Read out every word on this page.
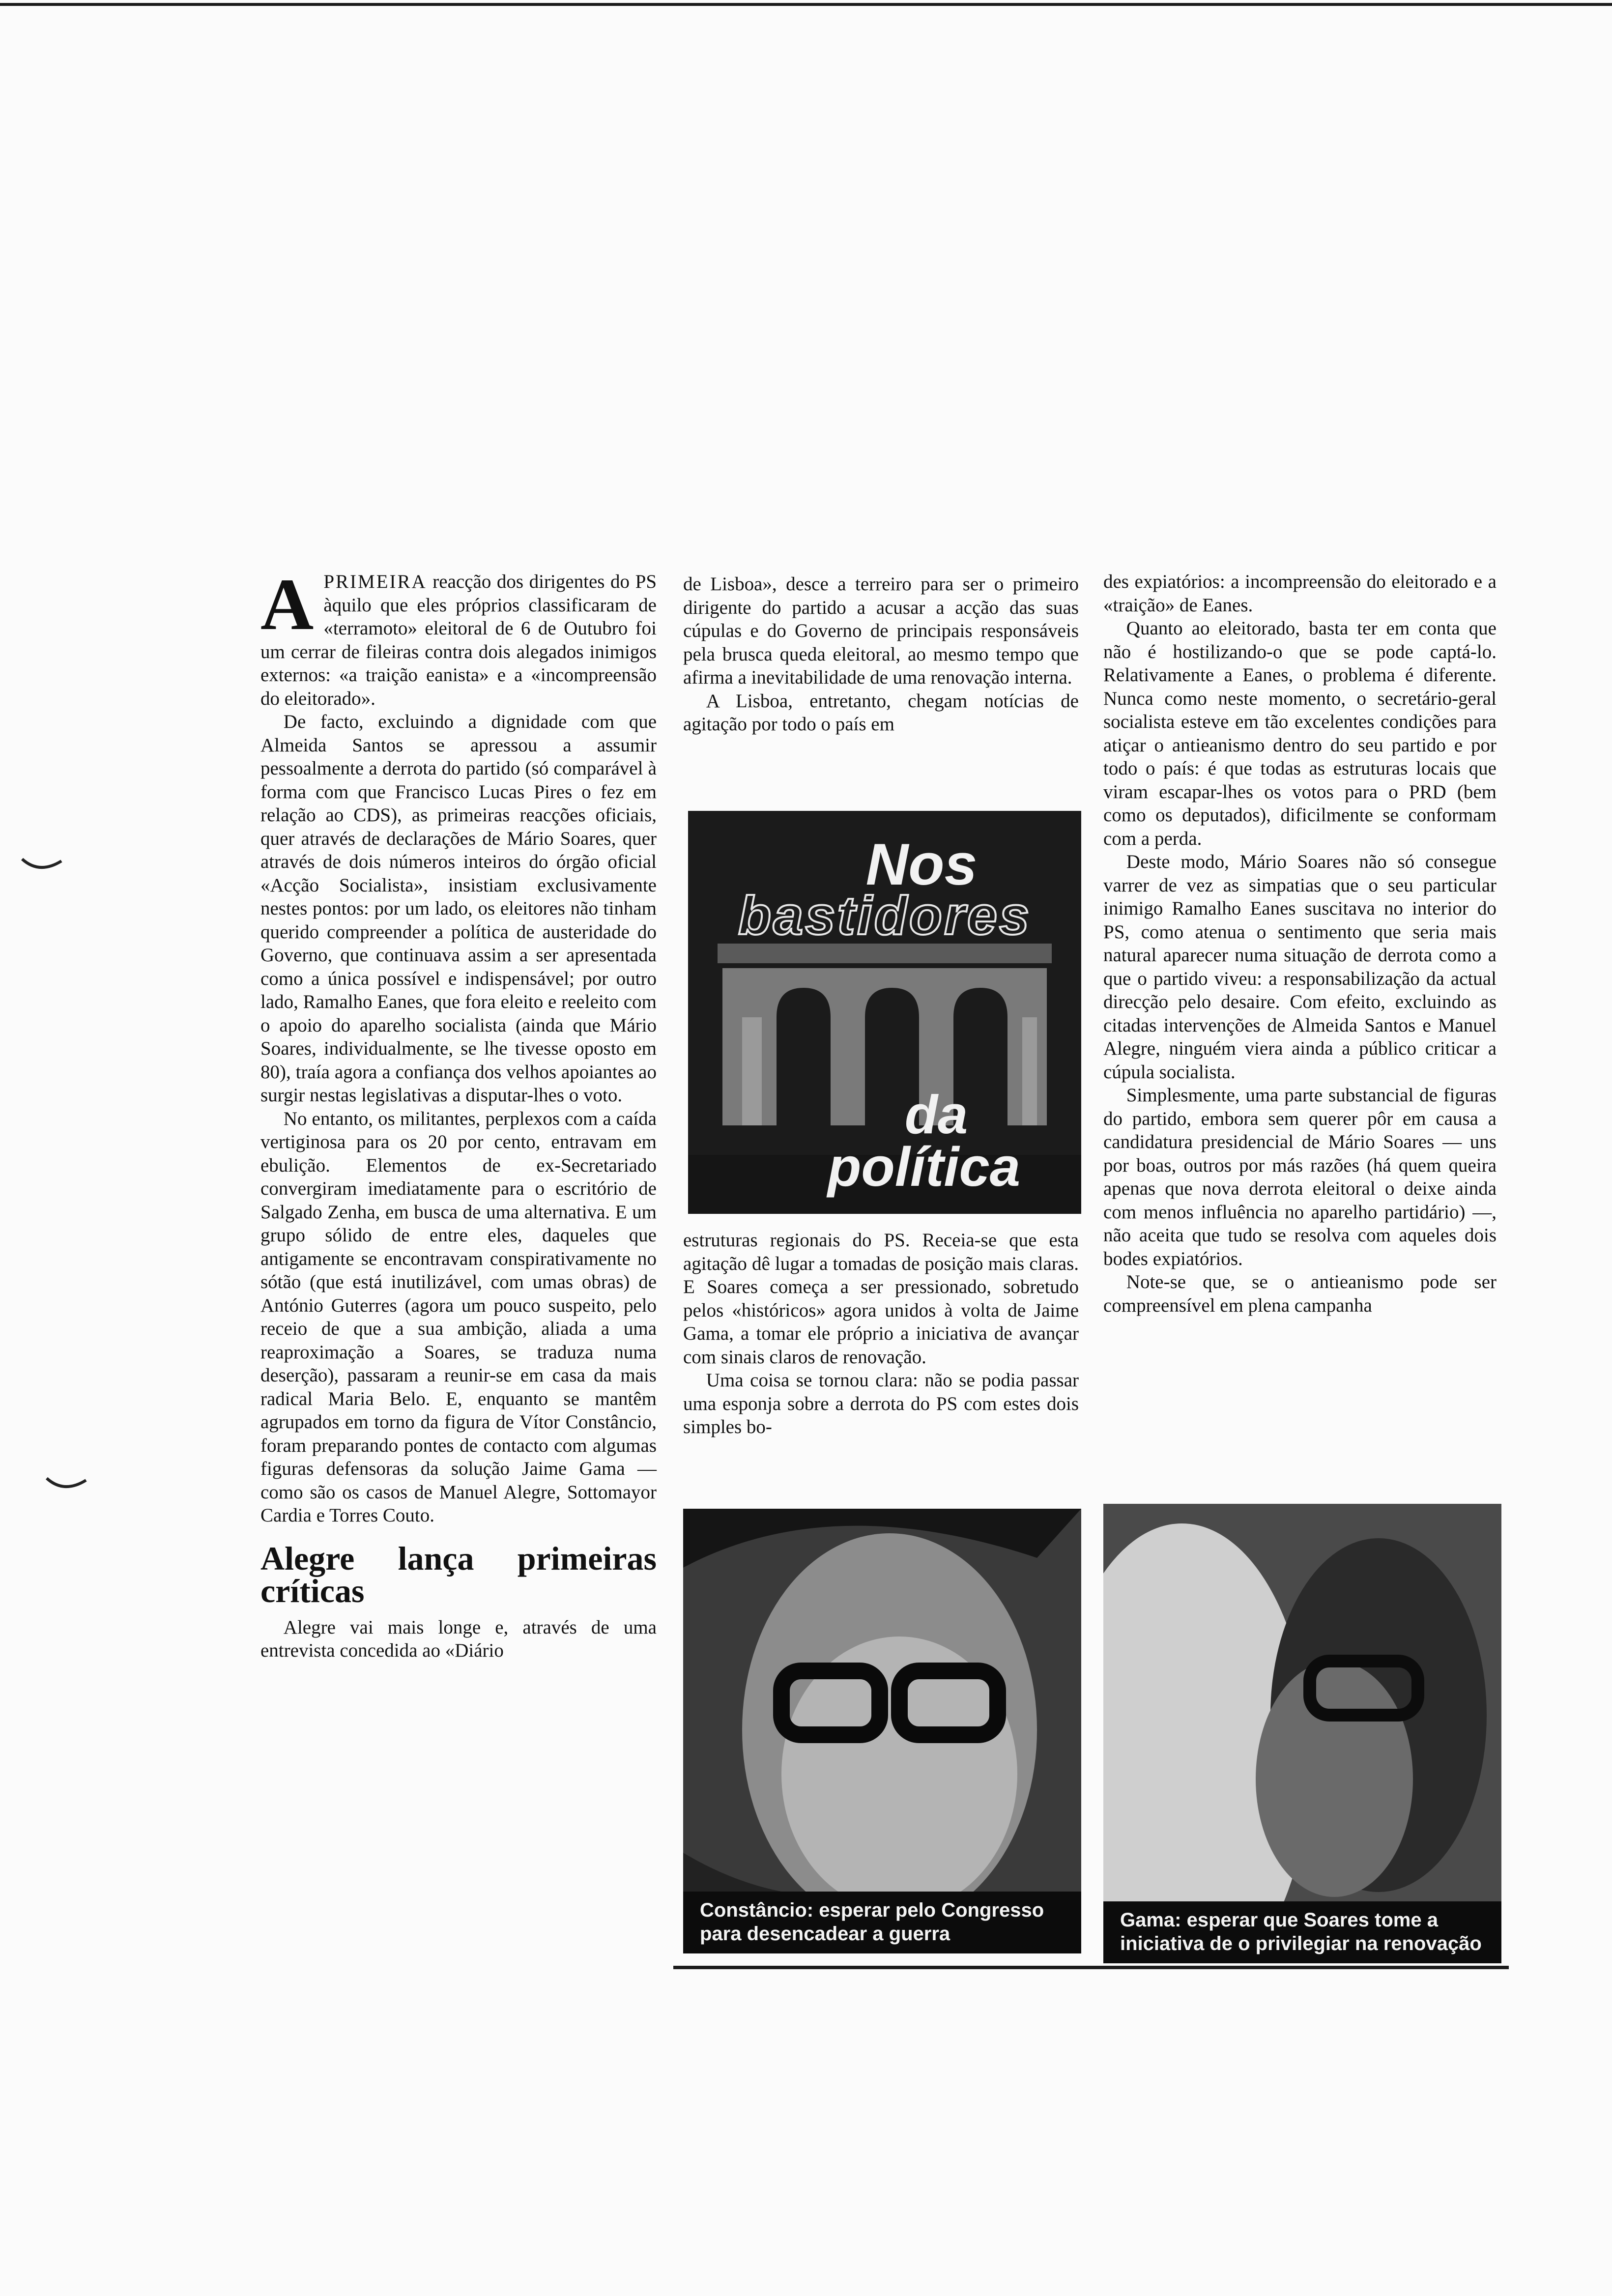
A PRIMEIRA reacção dos dirigentes do PS àquilo que eles próprios classificaram de «terramoto» eleitoral de 6 de Outubro foi um cerrar de fileiras contra dois alegados inimigos externos: «a traição eanista» e a «incompreensão do eleitorado».

De facto, excluindo a dignidade com que Almeida Santos se apressou a assumir pessoalmente a derrota do partido (só comparável à forma com que Francisco Lucas Pires o fez em relação ao CDS), as primeiras reacções oficiais, quer através de declarações de Mário Soares, quer através de dois números inteiros do órgão oficial «Acção Socialista», insistiam exclusivamente nestes pontos: por um lado, os eleitores não tinham querido compreender a política de austeridade do Governo, que continuava assim a ser apresentada como a única possível e indispensável; por outro lado, Ramalho Eanes, que fora eleito e reeleito com o apoio do aparelho socialista (ainda que Mário Soares, individualmente, se lhe tivesse oposto em 80), traía agora a confiança dos velhos apoiantes ao surgir nestas legislativas a disputar-lhes o voto.

No entanto, os militantes, perplexos com a caída vertiginosa para os 20 por cento, entravam em ebulição. Elementos de ex-Secretariado convergiram imediatamente para o escritório de Salgado Zenha, em busca de uma alternativa. E um grupo sólido de entre eles, daqueles que antigamente se encontravam conspirativamente no sótão (que está inutilizável, com umas obras) de António Guterres (agora um pouco suspeito, pelo receio de que a sua ambição, aliada a uma reaproximação a Soares, se traduza numa deserção), passaram a reunir-se em casa da mais radical Maria Belo. E, enquanto se mantêm agrupados em torno da figura de Vítor Constâncio, foram preparando pontes de contacto com algumas figuras defensoras da solução Jaime Gama — como são os casos de Manuel Alegre, Sottomayor Cardia e Torres Couto.

Alegre lança primeiras críticas

Alegre vai mais longe e, através de uma entrevista concedida ao «Diário

de Lisboa», desce a terreiro para ser o primeiro dirigente do partido a acusar a acção das suas cúpulas e do Governo de principais responsáveis pela brusca queda eleitoral, ao mesmo tempo que afirma a inevitabilidade de uma renovação interna.

A Lisboa, entretanto, chegam notícias de agitação por todo o país em

Nos
bastidores
da
política

estruturas regionais do PS. Receia-se que esta agitação dê lugar a tomadas de posição mais claras. E Soares começa a ser pressionado, sobretudo pelos «históricos» agora unidos à volta de Jaime Gama, a tomar ele próprio a iniciativa de avançar com sinais claros de renovação.

Uma coisa se tornou clara: não se podia passar uma esponja sobre a derrota do PS com estes dois simples bo-

des expiatórios: a incompreensão do eleitorado e a «traição» de Eanes.

Quanto ao eleitorado, basta ter em conta que não é hostilizando-o que se pode captá-lo. Relativamente a Eanes, o problema é diferente. Nunca como neste momento, o secretário-geral socialista esteve em tão excelentes condições para atiçar o antieanismo dentro do seu partido e por todo o país: é que todas as estruturas locais que viram escapar-lhes os votos para o PRD (bem como os deputados), dificilmente se conformam com a perda.

Deste modo, Mário Soares não só consegue varrer de vez as simpatias que o seu particular inimigo Ramalho Eanes suscitava no interior do PS, como atenua o sentimento que seria mais natural aparecer numa situação de derrota como a que o partido viveu: a responsabilização da actual direcção pelo desaire. Com efeito, excluindo as citadas intervenções de Almeida Santos e Manuel Alegre, ninguém viera ainda a público criticar a cúpula socialista.

Simplesmente, uma parte substancial de figuras do partido, embora sem querer pôr em causa a candidatura presidencial de Mário Soares — uns por boas, outros por más razões (há quem queira apenas que nova derrota eleitoral o deixe ainda com menos influência no aparelho partidário) —, não aceita que tudo se resolva com aqueles dois bodes expiatórios.

Note-se que, se o antieanismo pode ser compreensível em plena campanha

Constâncio: esperar pelo Congresso para desencadear a guerra
Gama: esperar que Soares tome a iniciativa de o privilegiar na renovação
